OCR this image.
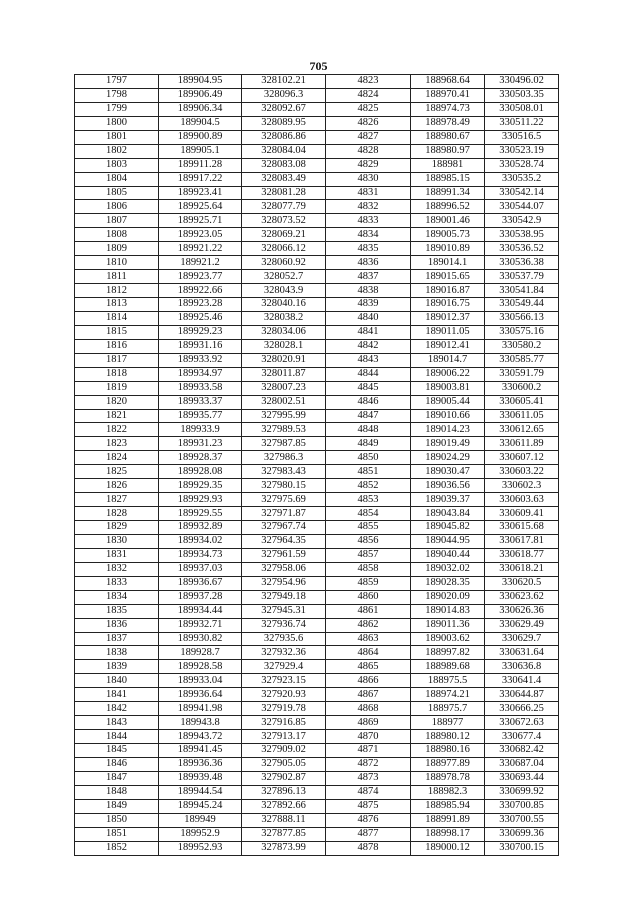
705
1797	189904.95	328102.21	4823	188968.64	330496.02
1798	189906.49	328096.3	4824	188970.41	330503.35
1799	189906.34	328092.67	4825	188974.73	330508.01
1800	189904.5	328089.95	4826	188978.49	330511.22
1801	189900.89	328086.86	4827	188980.67	330516.5
1802	189905.1	328084.04	4828	188980.97	330523.19
1803	189911.28	328083.08	4829	188981	330528.74
1804	189917.22	328083.49	4830	188985.15	330535.2
1805	189923.41	328081.28	4831	188991.34	330542.14
1806	189925.64	328077.79	4832	188996.52	330544.07
1807	189925.71	328073.52	4833	189001.46	330542.9
1808	189923.05	328069.21	4834	189005.73	330538.95
1809	189921.22	328066.12	4835	189010.89	330536.52
1810	189921.2	328060.92	4836	189014.1	330536.38
1811	189923.77	328052.7	4837	189015.65	330537.79
1812	189922.66	328043.9	4838	189016.87	330541.84
1813	189923.28	328040.16	4839	189016.75	330549.44
1814	189925.46	328038.2	4840	189012.37	330566.13
1815	189929.23	328034.06	4841	189011.05	330575.16
1816	189931.16	328028.1	4842	189012.41	330580.2
1817	189933.92	328020.91	4843	189014.7	330585.77
1818	189934.97	328011.87	4844	189006.22	330591.79
1819	189933.58	328007.23	4845	189003.81	330600.2
1820	189933.37	328002.51	4846	189005.44	330605.41
1821	189935.77	327995.99	4847	189010.66	330611.05
1822	189933.9	327989.53	4848	189014.23	330612.65
1823	189931.23	327987.85	4849	189019.49	330611.89
1824	189928.37	327986.3	4850	189024.29	330607.12
1825	189928.08	327983.43	4851	189030.47	330603.22
1826	189929.35	327980.15	4852	189036.56	330602.3
1827	189929.93	327975.69	4853	189039.37	330603.63
1828	189929.55	327971.87	4854	189043.84	330609.41
1829	189932.89	327967.74	4855	189045.82	330615.68
1830	189934.02	327964.35	4856	189044.95	330617.81
1831	189934.73	327961.59	4857	189040.44	330618.77
1832	189937.03	327958.06	4858	189032.02	330618.21
1833	189936.67	327954.96	4859	189028.35	330620.5
1834	189937.28	327949.18	4860	189020.09	330623.62
1835	189934.44	327945.31	4861	189014.83	330626.36
1836	189932.71	327936.74	4862	189011.36	330629.49
1837	189930.82	327935.6	4863	189003.62	330629.7
1838	189928.7	327932.36	4864	188997.82	330631.64
1839	189928.58	327929.4	4865	188989.68	330636.8
1840	189933.04	327923.15	4866	188975.5	330641.4
1841	189936.64	327920.93	4867	188974.21	330644.87
1842	189941.98	327919.78	4868	188975.7	330666.25
1843	189943.8	327916.85	4869	188977	330672.63
1844	189943.72	327913.17	4870	188980.12	330677.4
1845	189941.45	327909.02	4871	188980.16	330682.42
1846	189936.36	327905.05	4872	188977.89	330687.04
1847	189939.48	327902.87	4873	188978.78	330693.44
1848	189944.54	327896.13	4874	188982.3	330699.92
1849	189945.24	327892.66	4875	188985.94	330700.85
1850	189949	327888.11	4876	188991.89	330700.55
1851	189952.9	327877.85	4877	188998.17	330699.36
1852	189952.93	327873.99	4878	189000.12	330700.15
